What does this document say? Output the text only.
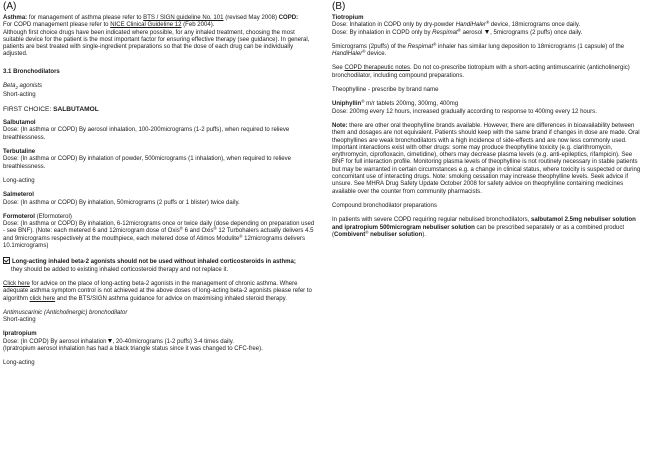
(A)	(B)

Asthma: for management of asthma please refer to BTS / SIGN guideline No. 101 (revised May 2008) COPD:
For COPD management please refer to NICE Clinical Guideline 12 (Feb 2004).
Although first choice drugs have been indicated where possible, for any inhaled treatment, choosing the most suitable device for the patient is the most important factor for ensuring effective therapy (see guidance). In general, patients are best treated with single-ingredient preparations so that the dose of each drug can be individually adjusted.

3.1 Bronchodilators

Beta$_2$ agonists

Short-acting

FIRST CHOICE: SALBUTAMOL

Salbutamol

Dose: (In asthma or COPD) By aerosol inhalation, 100-200micrograms (1-2 puffs), when required to relieve breathlessness.

Terbutaline

Dose: (In asthma or COPD) By inhalation of powder, 500micrograms (1 inhalation), when required to relieve breathlessness.

Long-acting

Salmeterol

Dose: (In asthma or COPD) By inhalation, 50micrograms (2 puffs or 1 blister) twice daily.

Formoterol (Eformoterol)

Dose: (In asthma or COPD) By inhalation, 6-12micrograms once or twice daily (dose depending on preparation used - see BNF). (Note: each metered 6 and 12microgram dose of Oxis® 6 and Oxis® 12 Turbohalers actually delivers 4.5 and 9micrograms respectively at the mouthpiece, each metered dose of Atimos Modulite® 12micrograms delivers 10.1micrograms)

Long-acting inhaled beta-2 agonists should not be used without inhaled corticosteroids in asthma;

they should be added to existing inhaled corticosteroid therapy and not replace it.

Click here for advice on the place of long-acting beta-2 agonists in the management of chronic asthma. Where adequate asthma symptom control is not achieved at the above doses of long-acting beta-2 agonists please refer to algorithm click here and the BTS/SIGN asthma guidance for advice on maximising inhaled steroid therapy.

Antimuscarinic (Anticholinergic) bronchodilator

Short-acting

Ipratropium

Dose: (In COPD) By aerosol inhalation , 20-40micrograms (1-2 puffs) 3-4 times daily.

(Ipratropium aerosol inhalation has had a black triangle status since it was changed to CFC-free).

Long-acting

Tiotropium

Dose: Inhalation in COPD only by dry-powder HandiHaler® device, 18micrograms once daily.

Dose: By inhalation in COPD only by Respimat® aerosol , 5micrograms (2 puffs) once daily.

5micrograms (2puffs) of the Respimat® inhaler has similar lung deposition to 18micrograms (1 capsule) of the HandiHaler® device.

See COPD therapeutic notes. Do not co-prescribe tiotropium with a short-acting antimuscarinic (anticholinergic) bronchodilator, including compound preparations.

Theophylline - prescribe by brand name

Uniphyllin® m/r tablets 200mg, 300mg, 400mg

Dose: 200mg every 12 hours, increased gradually according to response to 400mg every 12 hours.

Note: there are other oral theophylline brands available. However, there are differences in bioavailability between them and dosages are not equivalent. Patients should keep with the same brand if changes in dose are made. Oral theophyllines are weak bronchodilators with a high incidence of side-effects and are now less commonly used. Important interactions exist with other drugs: some may produce theophylline toxicity (e.g. clarithromycin, erythromycin, ciprofloxacin, cimetidine), others may decrease plasma levels (e.g. anti-epileptics, rifampicin). See BNF for full interaction profile. Monitoring plasma levels of theophylline is not routinely necessary in stable patients but may be warranted in certain circumstances e.g. a change in clinical status, where toxicity is suspected or during concomitant use of interacting drugs. Note: smoking cessation may increase theophylline levels. Seek advice if unsure. See MHRA Drug Safety Update October 2008 for safety advice on theophylline containing medicines available over the counter from community pharmacists.

Compound bronchodilator preparations

In patients with severe COPD requiring regular nebulised bronchodilators, salbutamol 2.5mg nebuliser solution and ipratropium 500microgram nebuliser solution can be prescribed separately or as a combined product (Combivent® nebuliser solution).
